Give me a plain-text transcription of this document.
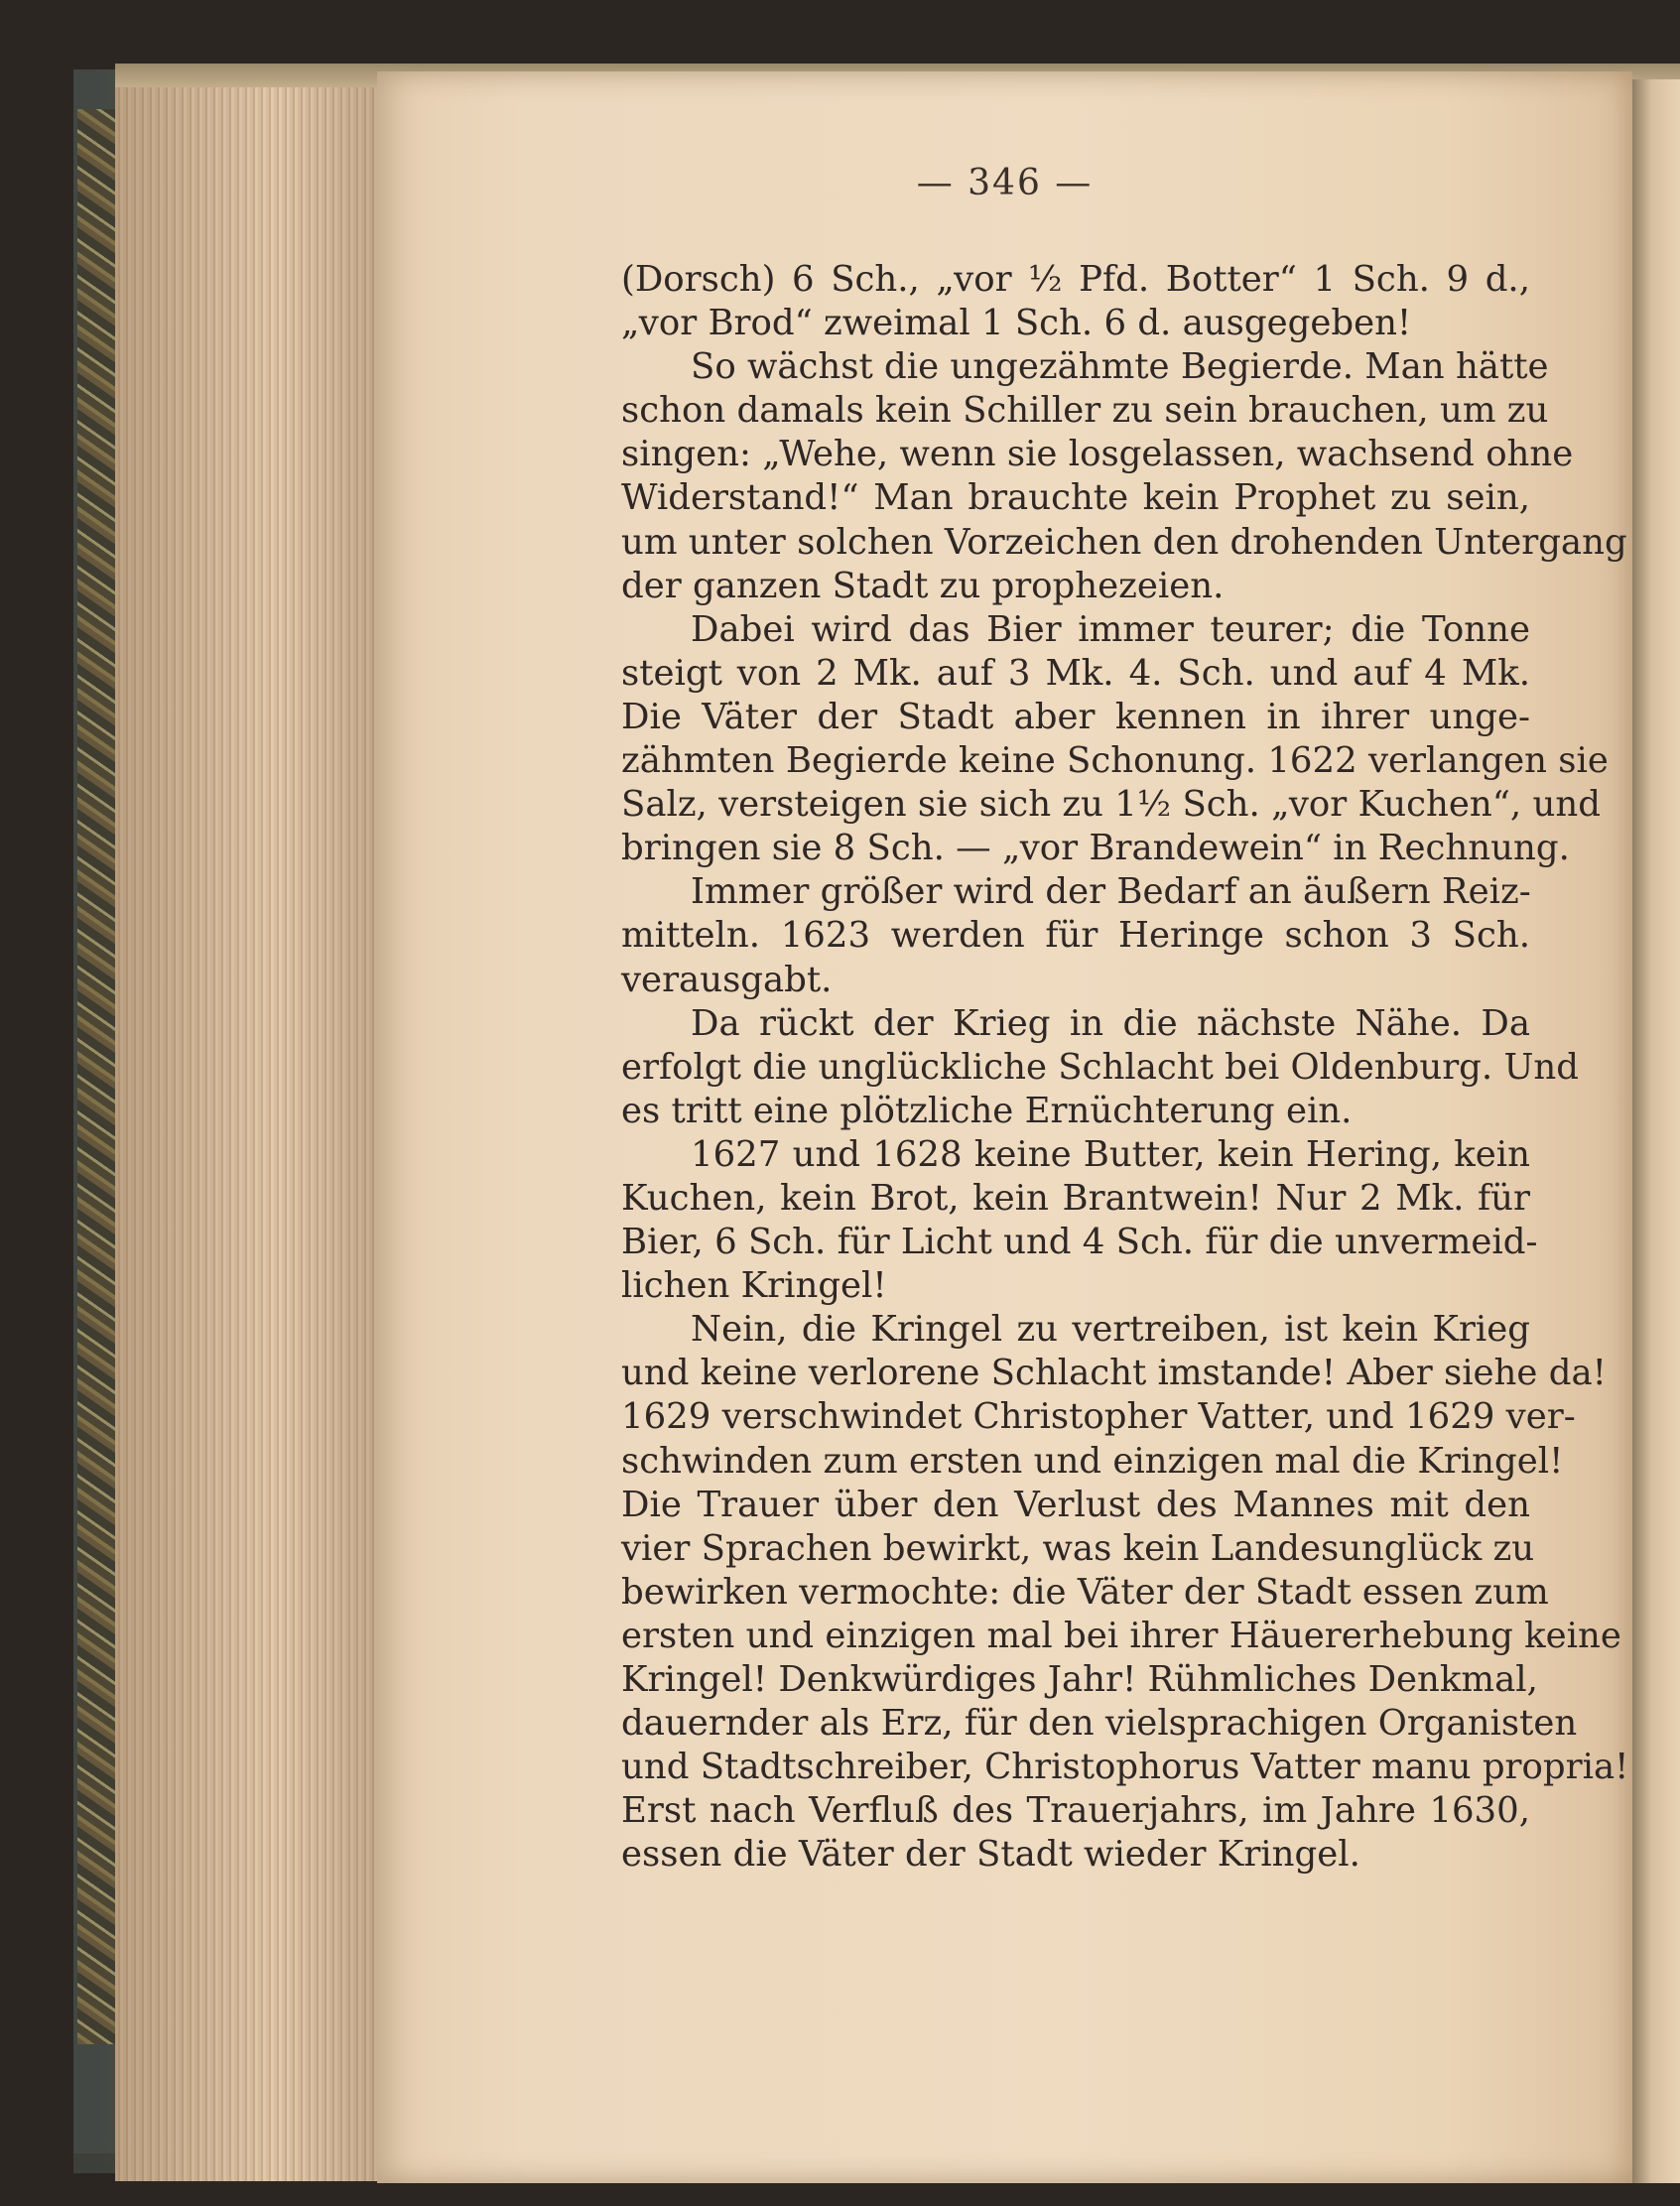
— 346 —
(Dorsch) 6 Sch., „vor ½ Pfd. Botter“ 1 Sch. 9 d.,
„vor Brod“ zweimal 1 Sch. 6 d. ausgegeben!
So wächst die ungezähmte Begierde. Man hätte
schon damals kein Schiller zu sein brauchen, um zu
singen: „Wehe, wenn sie losgelassen, wachsend ohne
Widerstand!“ Man brauchte kein Prophet zu sein,
um unter solchen Vorzeichen den drohenden Untergang
der ganzen Stadt zu prophezeien.
Dabei wird das Bier immer teurer; die Tonne
steigt von 2 Mk. auf 3 Mk. 4. Sch. und auf 4 Mk.
Die Väter der Stadt aber kennen in ihrer unge-
zähmten Begierde keine Schonung. 1622 verlangen sie
Salz, versteigen sie sich zu 1½ Sch. „vor Kuchen“, und
bringen sie 8 Sch. — „vor Brandewein“ in Rechnung.
Immer größer wird der Bedarf an äußern Reiz-
mitteln. 1623 werden für Heringe schon 3 Sch.
verausgabt.
Da rückt der Krieg in die nächste Nähe. Da
erfolgt die unglückliche Schlacht bei Oldenburg. Und
es tritt eine plötzliche Ernüchterung ein.
1627 und 1628 keine Butter, kein Hering, kein
Kuchen, kein Brot, kein Brantwein! Nur 2 Mk. für
Bier, 6 Sch. für Licht und 4 Sch. für die unvermeid-
lichen Kringel!
Nein, die Kringel zu vertreiben, ist kein Krieg
und keine verlorene Schlacht imstande! Aber siehe da!
1629 verschwindet Christopher Vatter, und 1629 ver-
schwinden zum ersten und einzigen mal die Kringel!
Die Trauer über den Verlust des Mannes mit den
vier Sprachen bewirkt, was kein Landesunglück zu
bewirken vermochte: die Väter der Stadt essen zum
ersten und einzigen mal bei ihrer Häuererhebung keine
Kringel! Denkwürdiges Jahr! Rühmliches Denkmal,
dauernder als Erz, für den vielsprachigen Organisten
und Stadtschreiber, Christophorus Vatter manu propria!
Erst nach Verfluß des Trauerjahrs, im Jahre 1630,
essen die Väter der Stadt wieder Kringel.
